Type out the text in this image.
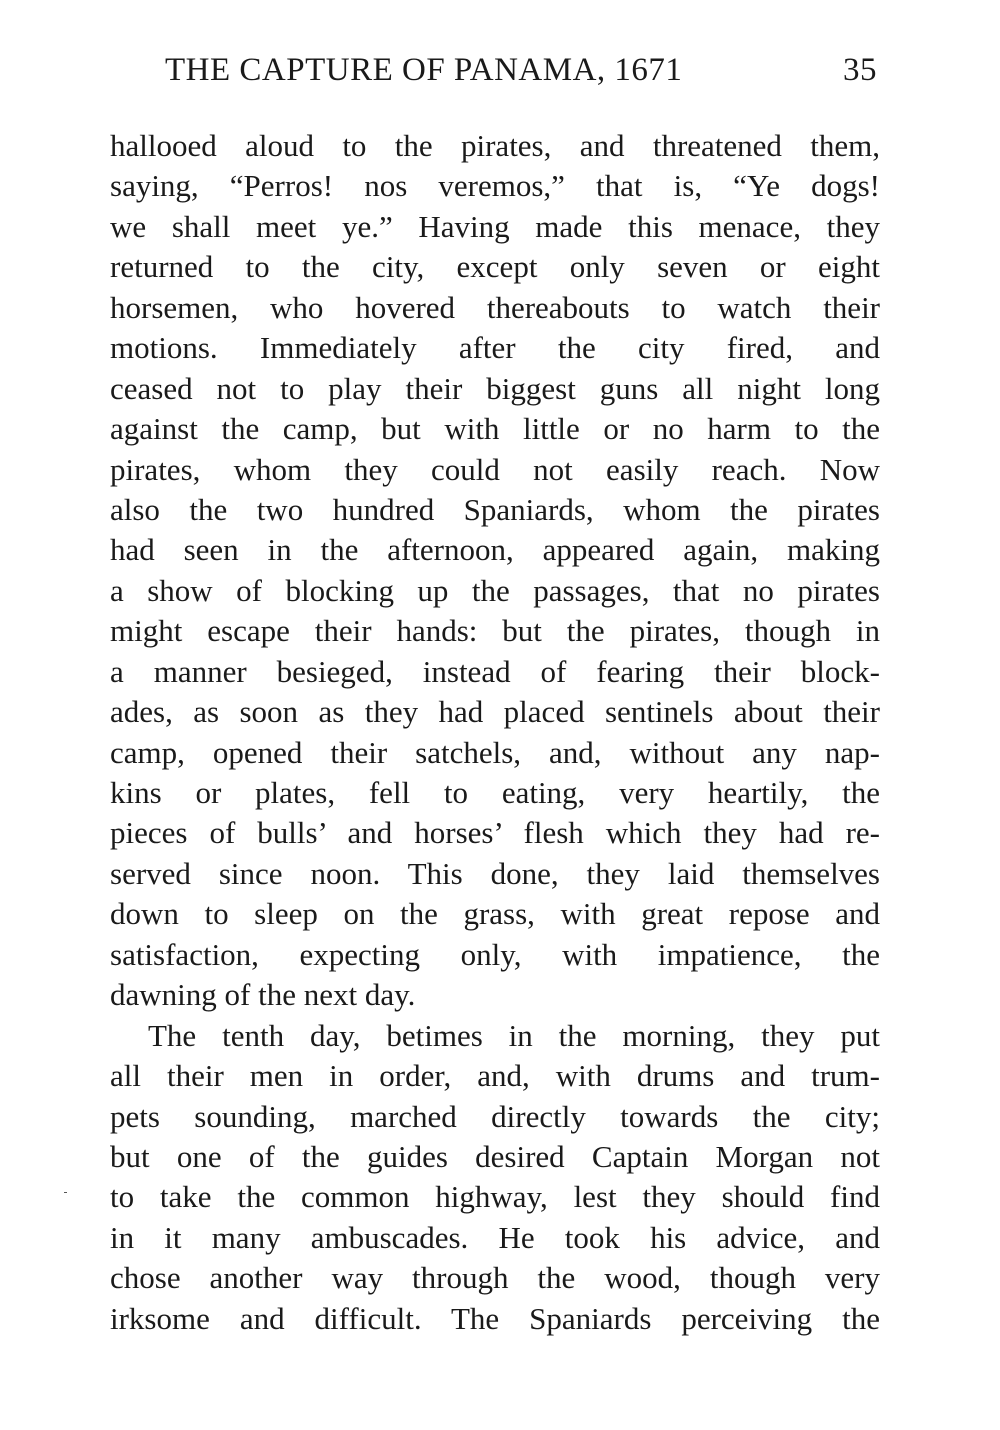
THE CAPTURE OF PANAMA, 1671	35
hallooed aloud to the pirates, and threatened them,
saying, “Perros! nos veremos,” that is, “Ye dogs!
we shall meet ye.” Having made this menace, they
returned to the city, except only seven or eight
horsemen, who hovered thereabouts to watch their
motions. Immediately after the city fired, and
ceased not to play their biggest guns all night long
against the camp, but with little or no harm to the
pirates, whom they could not easily reach. Now
also the two hundred Spaniards, whom the pirates
had seen in the afternoon, appeared again, making
a show of blocking up the passages, that no pirates
might escape their hands: but the pirates, though in
a manner besieged, instead of fearing their block-
ades, as soon as they had placed sentinels about their
camp, opened their satchels, and, without any nap-
kins or plates, fell to eating, very heartily, the
pieces of bulls’ and horses’ flesh which they had re-
served since noon. This done, they laid themselves
down to sleep on the grass, with great repose and
satisfaction, expecting only, with impatience, the
dawning of the next day.
The tenth day, betimes in the morning, they put
all their men in order, and, with drums and trum-
pets sounding, marched directly towards the city;
but one of the guides desired Captain Morgan not
to take the common highway, lest they should find
in it many ambuscades. He took his advice, and
chose another way through the wood, though very
irksome and difficult. The Spaniards perceiving the
